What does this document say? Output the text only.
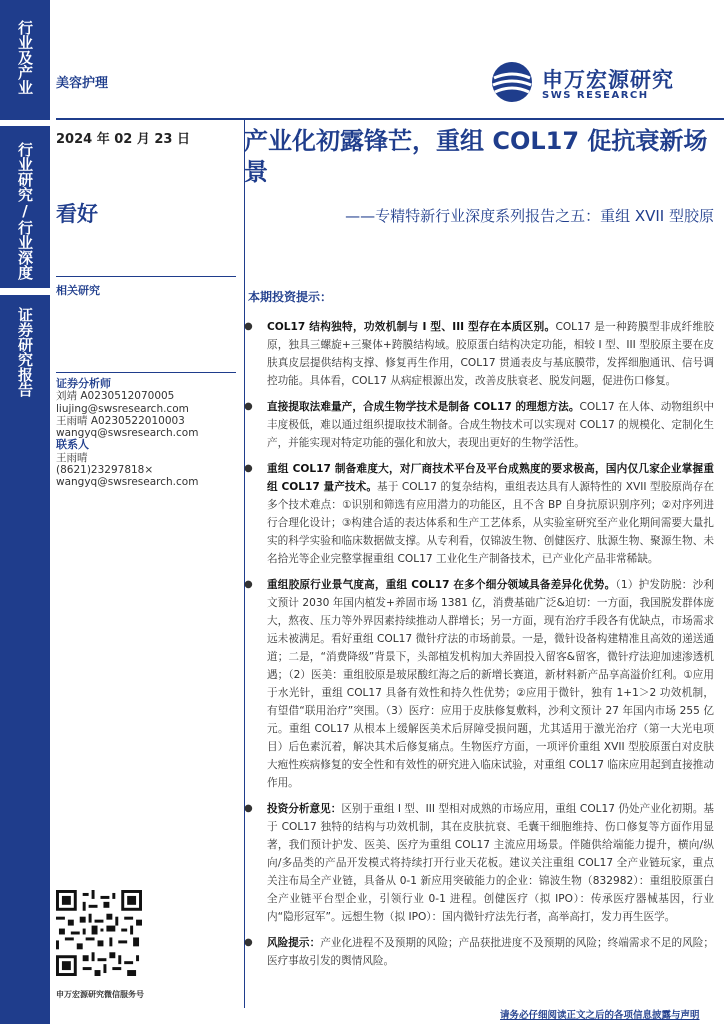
行业及产业
行业研究/行业深度
证券研究报告
美容护理	申万宏源研究
SWS RESEARCH
2024 年 02 月 23 日
看好
相关研究
证券分析师
刘靖 A0230512070005
liujing@swsresearch.com
王雨晴 A0230522010003
wangyq@swsresearch.com
联系人
王雨晴
(8621)23297818×
wangyq@swsresearch.com
申万宏源研究微信服务号
产业化初露锋芒，重组 COL17 促抗衰新场景
——专精特新行业深度系列报告之五：重组 XVII 型胶原
本期投资提示：
● COL17 结构独特，功效机制与 I 型、III 型存在本质区别。COL17 是一种跨膜型非成纤维胶原，独具三螺旋+三聚体+跨膜结构域。胶原蛋白结构决定功能，相较 I 型、III 型胶原主要在皮肤真皮层提供结构支撑、修复再生作用，COL17 贯通表皮与基底膜带，发挥细胞通讯、信号调控功能。具体看，COL17 从病症根源出发，改善皮肤衰老、脱发问题，促进伤口修复。
● 直接提取法难量产，合成生物学技术是制备 COL17 的理想方法。COL17 在人体、动物组织中丰度极低，难以通过组织提取技术制备。合成生物技术可以实现对 COL17 的规模化、定制化生产，并能实现对特定功能的强化和放大，表现出更好的生物学活性。
● 重组 COL17 制备难度大，对厂商技术平台及平台成熟度的要求极高，国内仅几家企业掌握重组 COL17 量产技术。基于 COL17 的复杂结构，重组表达具有人源特性的 XVII 型胶原尚存在多个技术难点：①识别和筛选有应用潜力的功能区，且不含 BP 自身抗原识别序列；②对序列进行合理化设计；③构建合适的表达体系和生产工艺体系，从实验室研究至产业化期间需要大量扎实的科学实验和临床数据做支撑。从专利看，仅锦波生物、创健医疗、肽源生物、聚源生物、未名拾光等企业完整掌握重组 COL17 工业化生产制备技术，已产业化产品非常稀缺。
● 重组胶原行业景气度高，重组 COL17 在多个细分领域具备差异化优势。（1）护发防脱：沙利文预计 2030 年国内植发+养固市场 1381 亿，消费基础广泛&迫切：一方面，我国脱发群体庞大，熬夜、压力等外界因素持续推动人群增长；另一方面，现有治疗手段各有优缺点，市场需求远未被满足。看好重组 COL17 微针疗法的市场前景。一是，微针设备构建精准且高效的递送通道；二是，“消费降级”背景下，头部植发机构加大养固投入留客&留客，微针疗法迎加速渗透机遇；（2）医美：重组胶原是玻尿酸红海之后的新增长赛道，新材料新产品享高溢价红利。①应用于水光针，重组 COL17 具备有效性和持久性优势；②应用于微针，独有 1+1＞2 功效机制，有望借“联用治疗”突围。（3）医疗：应用于皮肤修复敷料，沙利文预计 27 年国内市场 255 亿元。重组 COL17 从根本上缓解医美术后屏障受损问题，尤其适用于激光治疗（第一大光电项目）后色素沉着，解决其术后修复痛点。生物医疗方面，一项评价重组 XVII 型胶原蛋白对皮肤大疱性疾病修复的安全性和有效性的研究进入临床试验，对重组 COL17 临床应用起到直接推动作用。
● 投资分析意见：区别于重组 I 型、III 型相对成熟的市场应用，重组 COL17 仍处产业化初期。基于 COL17 独特的结构与功效机制，其在皮肤抗衰、毛囊干细胞维持、伤口修复等方面作用显著，我们预计护发、医美、医疗为重组 COL17 主流应用场景。伴随供给端能力提升，横向/纵向/多品类的产品开发模式将持续打开行业天花板。建议关注重组 COL17 全产业链玩家，重点关注布局全产业链，具备从 0-1 新应用突破能力的企业：锦波生物（832982）：重组胶原蛋白全产业链平台型企业，引领行业 0-1 进程。创健医疗（拟 IPO）：传承医疗器械基因，行业内“隐形冠军”。远想生物（拟 IPO）：国内微针疗法先行者，高举高打，发力再生医学。
● 风险提示：产业化进程不及预期的风险；产品获批进度不及预期的风险；终端需求不足的风险；医疗事故引发的舆情风险。
请务必仔细阅读正文之后的各项信息披露与声明
